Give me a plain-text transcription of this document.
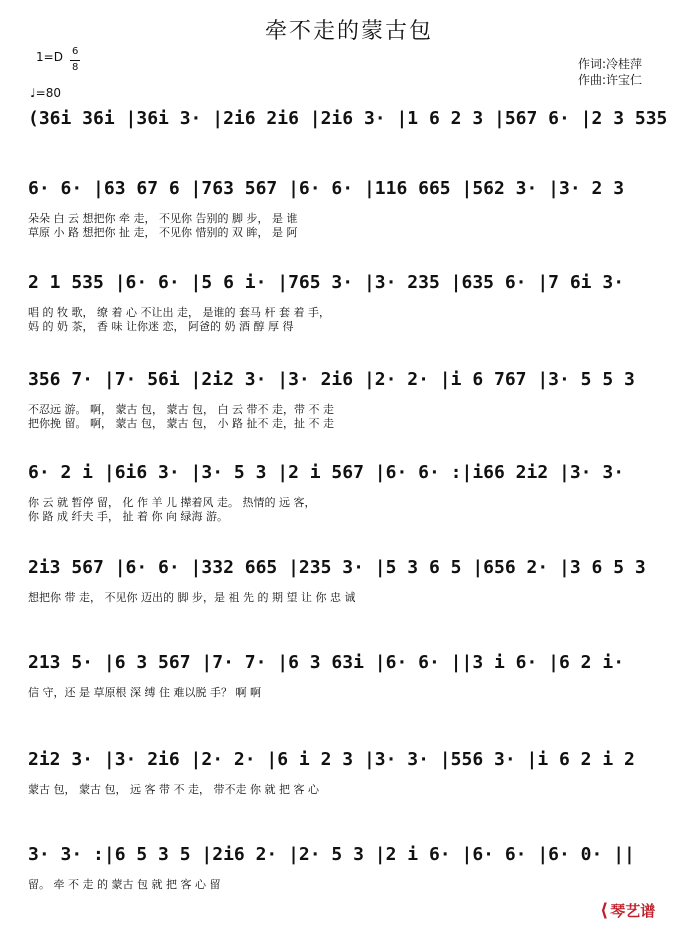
牵不走的蒙古包
1=D 6
8
♩=80
作词:冷桂萍
作曲:许宝仁
(36i 36i |36i 3· |2i6 2i6 |2i6 3· |1 6 2 3 |567 6· |2 3 535
6· 6· |63 67 6 |763 567 |6· 6· |116 665 |562 3· |3· 2 3
朵朵 白 云 想把你 牵 走， 不见你 告别的 脚 步， 是 谁
草原 小 路 想把你 扯 走， 不见你 惜别的 双 眸， 是 阿
2 1 535 |6· 6· |5 6 i· |765 3· |3· 235 |635 6· |7 6i 3·
唱 的 牧 歌， 缭 着 心 不让出 走， 是谁的 套马 杆 套 着 手，
妈 的 奶 茶， 香 味 让你迷 恋， 阿爸的 奶 酒 醇 厚 得
356 7· |7· 56i |2i2 3· |3· 2i6 |2· 2· |i 6 767 |3· 5 5 3
不忍远 游。 啊， 蒙古 包， 蒙古 包， 白 云 带不 走，带 不 走
把你挽 留。 啊， 蒙古 包， 蒙古 包， 小 路 扯不 走，扯 不 走
6· 2 i |6i6 3· |3· 5 3 |2 i 567 |6· 6· :|i66 2i2 |3· 3·
你 云 就 暂停 留， 化 作 羊 儿 撵着风 走。 热情的 远 客，
你 路 成 纤夫 手， 扯 着 你 向 绿海 游。
2i3 567 |6· 6· |332 665 |235 3· |5 3 6 5 |656 2· |3 6 5 3
想把你 带 走， 不见你 迈出的 脚 步，是 祖 先 的 期 望 让 你 忠 诚
213 5· |6 3 567 |7· 7· |6 3 63i |6· 6· ||3 i 6· |6 2 i·
信 守，还 是 草原根 深 缚 住 难以脱 手？ 啊 啊
2i2 3· |3· 2i6 |2· 2· |6 i 2 3 |3· 3· |556 3· |i 6 2 i 2
蒙古 包， 蒙古 包， 远 客 带 不 走， 带不走 你 就 把 客 心
3· 3· :|6 5 3 5 |2i6 2· |2· 5 3 |2 i 6· |6· 6· |6· 0· ||
留。 牵 不 走 的 蒙古 包 就 把 客 心 留
⟨ 琴艺谱
